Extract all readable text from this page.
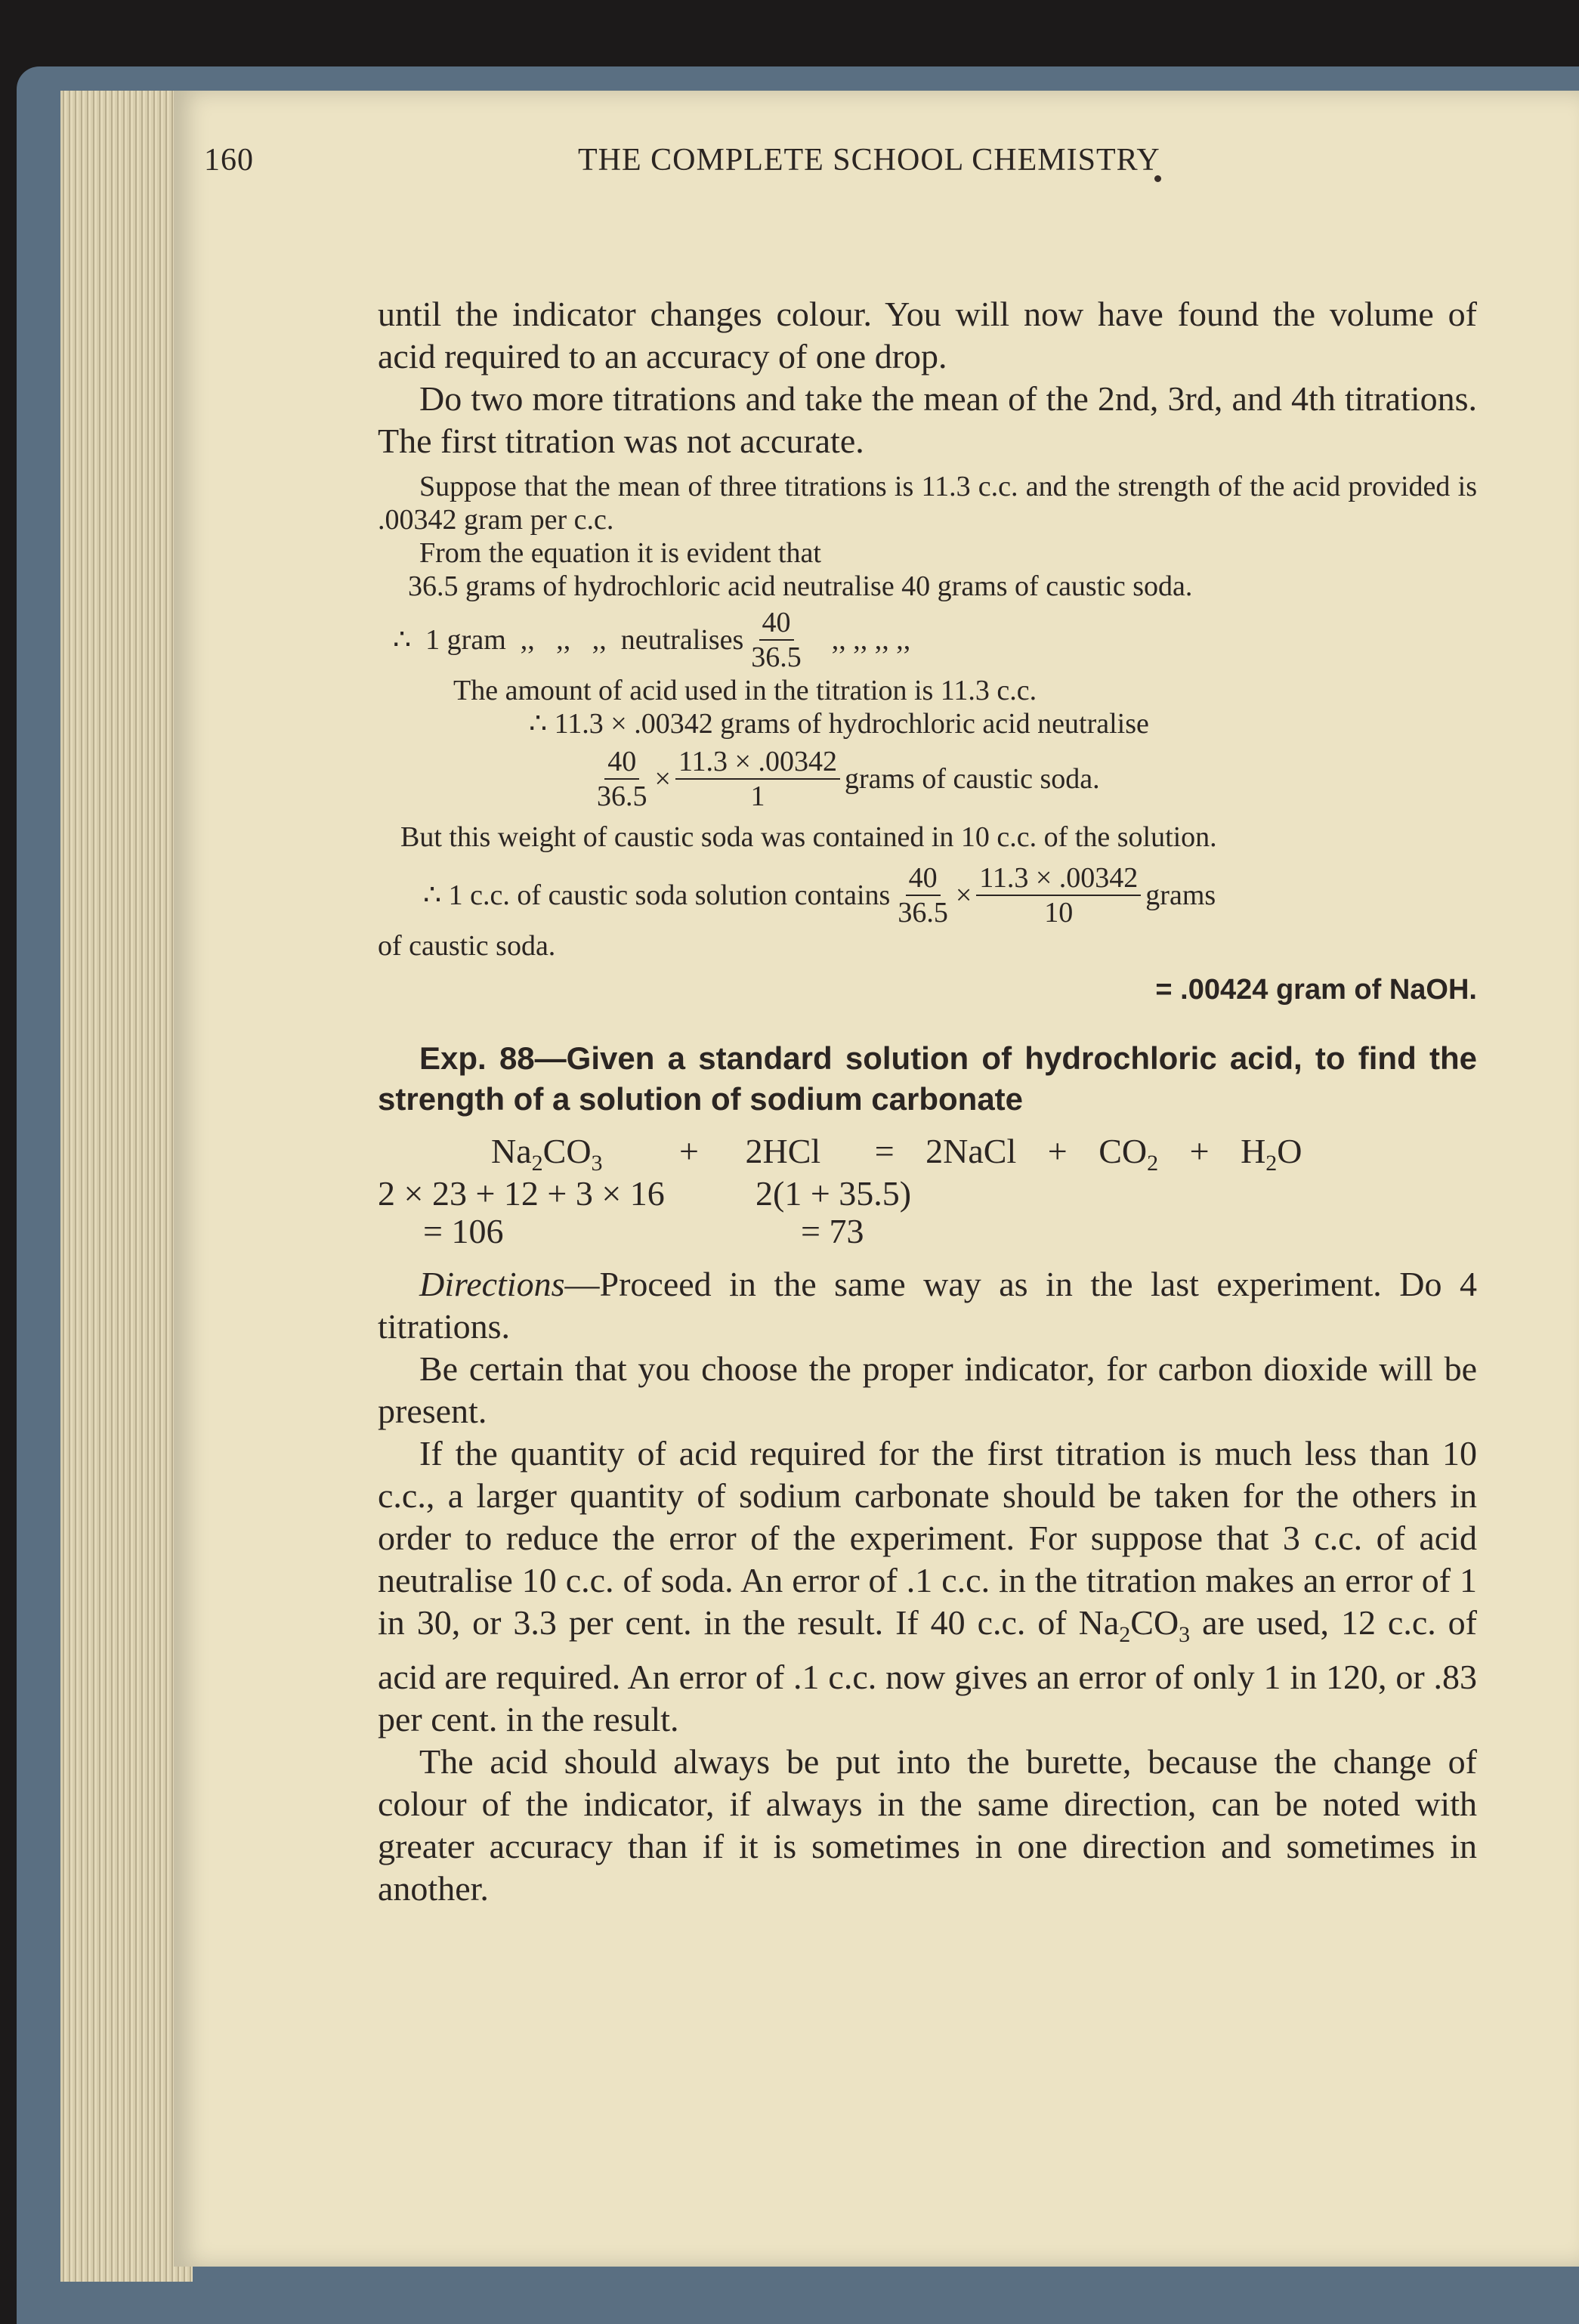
160	THE COMPLETE SCHOOL CHEMISTRY

until the indicator changes colour. You will now have found the volume of acid required to an accuracy of one drop.

Do two more titrations and take the mean of the 2nd, 3rd, and 4th titrations. The first titration was not accurate.

Suppose that the mean of three titrations is 11.3 c.c. and the strength of the acid provided is .00342 gram per c.c.

From the equation it is evident that

36.5 grams of hydrochloric acid neutralise 40 grams of caustic soda.

∴  1 gram  ,,   ,,   ,,  neutralises $\frac{40}{36.5}$ ,, ,, ,, ,,

The amount of acid used in the titration is 11.3 c.c.

∴ 11.3 × .00342 grams of hydrochloric acid neutralise

$\frac{40}{36.5} \times \frac{11.3 \times .00342}{1}$ grams of caustic soda.

But this weight of caustic soda was contained in 10 c.c. of the solution.

∴ 1 c.c. of caustic soda solution contains $\frac{40}{36.5} \times \frac{11.3 \times .00342}{10}$ grams

of caustic soda.

= .00424 gram of NaOH.

Exp. 88—Given a standard solution of hydrochloric acid, to find the strength of a solution of sodium carbonate

$Na_2CO_3 + 2HCl$ = 2NaCl + $CO_2 + H_2O$
2 × 23 + 12 + 3 × 16	2(1 + 35.5)
= 106	= 73

Directions—Proceed in the same way as in the last experiment. Do 4 titrations.

Be certain that you choose the proper indicator, for carbon dioxide will be present.

If the quantity of acid required for the first titration is much less than 10 c.c., a larger quantity of sodium carbonate should be taken for the others in order to reduce the error of the experiment. For suppose that 3 c.c. of acid neutralise 10 c.c. of soda. An error of .1 c.c. in the titration makes an error of 1 in 30, or 3.3 per cent. in the result. If 40 c.c. of $Na_2CO_3$ are used, 12 c.c. of acid are required. An error of .1 c.c. now gives an error of only 1 in 120, or .83 per cent. in the result.

The acid should always be put into the burette, because the change of colour of the indicator, if always in the same direction, can be noted with greater accuracy than if it is sometimes in one direction and sometimes in another.
